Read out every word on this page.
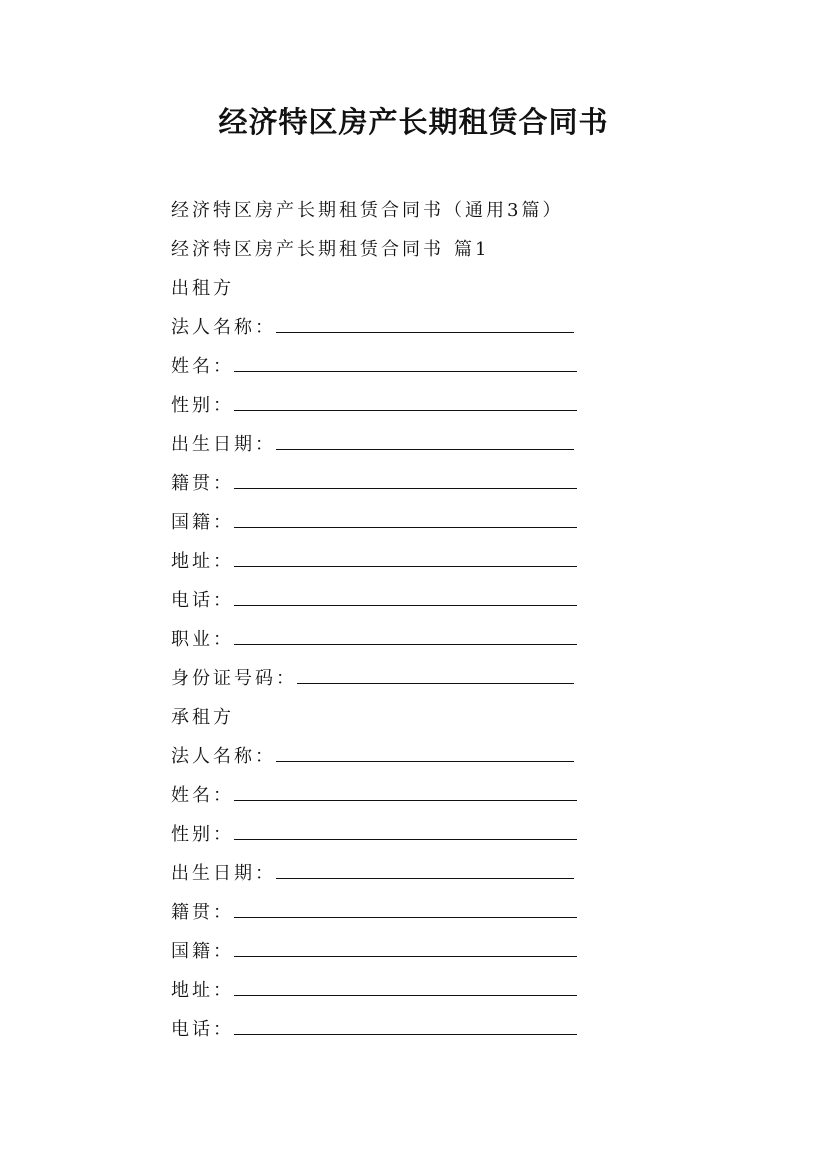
经济特区房产长期租赁合同书
经济特区房产长期租赁合同书（通用3篇）
经济特区房产长期租赁合同书 篇1
出租方
法人名称：
姓名：
性别：
出生日期：
籍贯：
国籍：
地址：
电话：
职业：
身份证号码：
承租方
法人名称：
姓名：
性别：
出生日期：
籍贯：
国籍：
地址：
电话：
